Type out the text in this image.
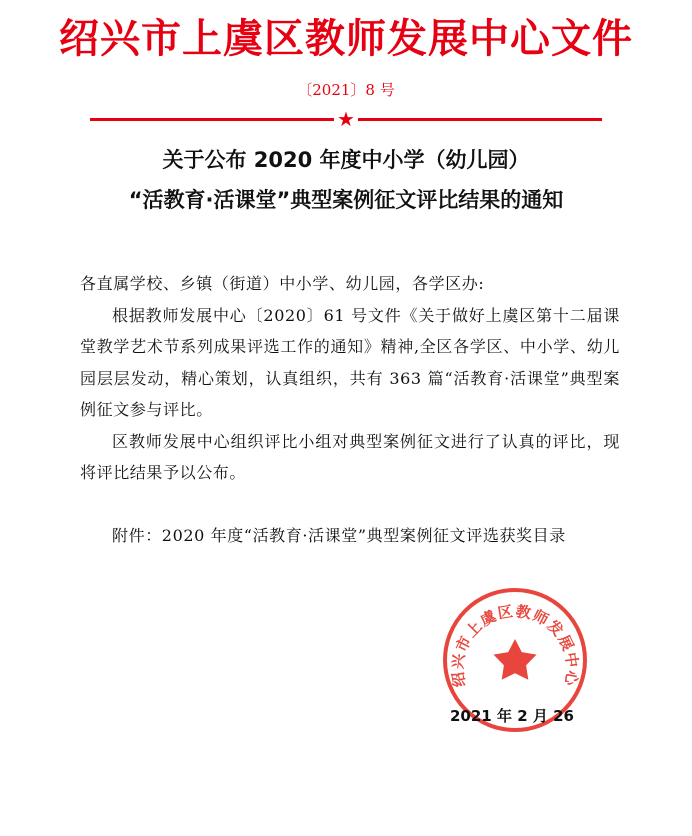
绍兴市上虞区教师发展中心文件
〔2021〕8 号
★
关于公布 2020 年度中小学（幼儿园）
“活教育·活课堂”典型案例征文评比结果的通知

各直属学校、乡镇（街道）中小学、幼儿园，各学区办:

根据教师发展中心〔2020〕61 号文件《关于做好上虞区第十二届课堂教学艺术节系列成果评选工作的通知》精神,全区各学区、中小学、幼儿园层层发动，精心策划，认真组织，共有 363 篇“活教育·活课堂”典型案例征文参与评比。

区教师发展中心组织评比小组对典型案例征文进行了认真的评比，现将评比结果予以公布。

附件：2020 年度“活教育·活课堂”典型案例征文评选获奖目录

绍兴市上虞区教师发展中心
2021 年 2 月 26
